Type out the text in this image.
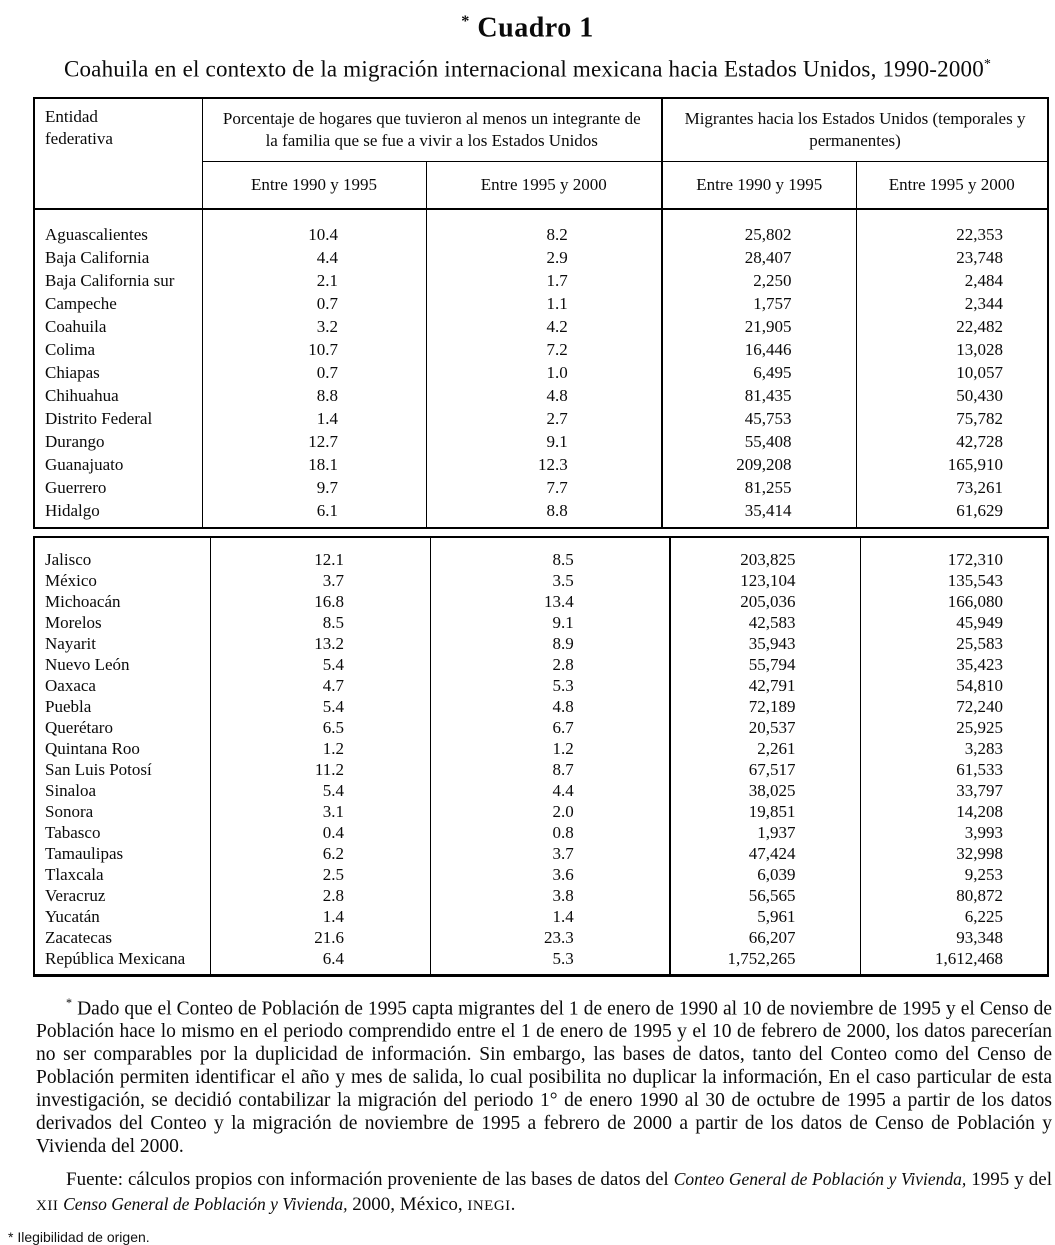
* Cuadro 1
Coahuila en el contexto de la migración internacional mexicana hacia Estados Unidos, 1990-2000*
Entidad federativa	Porcentaje de hogares que tuvieron al menos un integrante de la familia que se fue a vivir a los Estados Unidos		Migrantes hacia los Estados Unidos (temporales y permanentes)	
	Entre 1990 y 1995	Entre 1995 y 2000	Entre 1990 y 1995	Entre 1995 y 2000
Aguascalientes	10.4	8.2	25,802	22,353
Baja California	4.4	2.9	28,407	23,748
Baja California sur	2.1	1.7	2,250	2,484
Campeche	0.7	1.1	1,757	2,344
Coahuila	3.2	4.2	21,905	22,482
Colima	10.7	7.2	16,446	13,028
Chiapas	0.7	1.0	6,495	10,057
Chihuahua	8.8	4.8	81,435	50,430
Distrito Federal	1.4	2.7	45,753	75,782
Durango	12.7	9.1	55,408	42,728
Guanajuato	18.1	12.3	209,208	165,910
Guerrero	9.7	7.7	81,255	73,261
Hidalgo	6.1	8.8	35,414	61,629
Jalisco	12.1	8.5	203,825	172,310
México	3.7	3.5	123,104	135,543
Michoacán	16.8	13.4	205,036	166,080
Morelos	8.5	9.1	42,583	45,949
Nayarit	13.2	8.9	35,943	25,583
Nuevo León	5.4	2.8	55,794	35,423
Oaxaca	4.7	5.3	42,791	54,810
Puebla	5.4	4.8	72,189	72,240
Querétaro	6.5	6.7	20,537	25,925
Quintana Roo	1.2	1.2	2,261	3,283
San Luis Potosí	11.2	8.7	67,517	61,533
Sinaloa	5.4	4.4	38,025	33,797
Sonora	3.1	2.0	19,851	14,208
Tabasco	0.4	0.8	1,937	3,993
Tamaulipas	6.2	3.7	47,424	32,998
Tlaxcala	2.5	3.6	6,039	9,253
Veracruz	2.8	3.8	56,565	80,872
Yucatán	1.4	1.4	5,961	6,225
Zacatecas	21.6	23.3	66,207	93,348
República Mexicana	6.4	5.3	1,752,265	1,612,468

* Dado que el Conteo de Población de 1995 capta migrantes del 1 de enero de 1990 al 10 de noviembre de 1995 y el Censo de Población hace lo mismo en el periodo comprendido entre el 1 de enero de 1995 y el 10 de febrero de 2000, los datos parecerían no ser comparables por la duplicidad de información. Sin embargo, las bases de datos, tanto del Conteo como del Censo de Población permiten identificar el año y mes de salida, lo cual posibilita no duplicar la información, En el caso particular de esta investigación, se decidió contabilizar la migración del periodo 1° de enero 1990 al 30 de octubre de 1995 a partir de los datos derivados del Conteo y la migración de noviembre de 1995 a febrero de 2000 a partir de los datos de Censo de Población y Vivienda del 2000.

Fuente: cálculos propios con información proveniente de las bases de datos del Conteo General de Población y Vivienda, 1995 y del XII Censo General de Población y Vivienda, 2000, México, INEGI.

* Ilegibilidad de origen.
